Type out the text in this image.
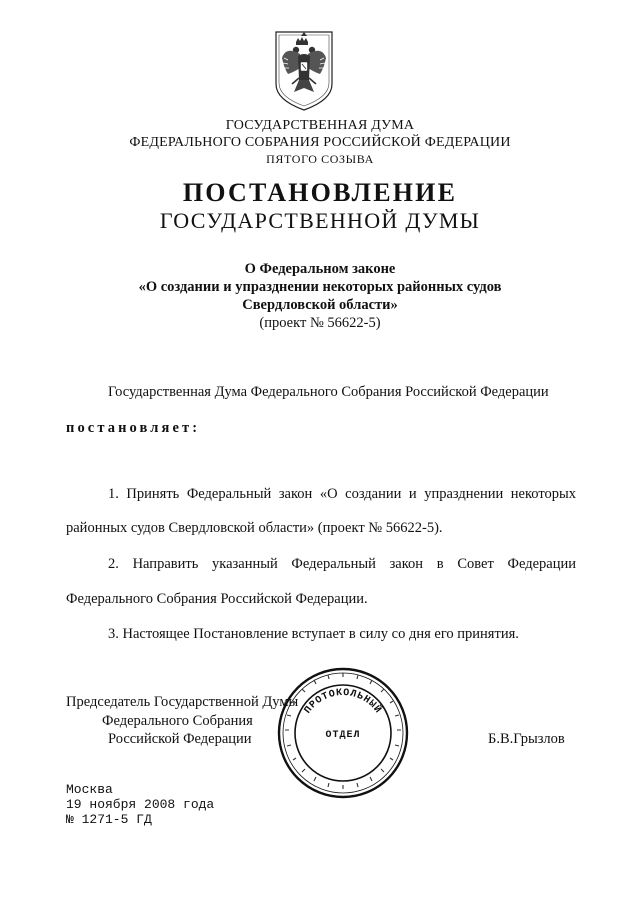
ГОСУДАРСТВЕННАЯ ДУМА
ФЕДЕРАЛЬНОГО СОБРАНИЯ РОССИЙСКОЙ ФЕДЕРАЦИИ
ПЯТОГО СОЗЫВА
ПОСТАНОВЛЕНИЕ
ГОСУДАРСТВЕННОЙ ДУМЫ
О Федеральном законе
«О создании и упразднении некоторых районных судов
Свердловской области»
(проект № 56622-5)
Государственная Дума Федерального Собрания Российской Федерации
постановляет:
1. Принять Федеральный закон «О создании и упразднении некоторых
районных судов Свердловской области» (проект № 56622-5).
2. Направить указанный Федеральный закон в Совет Федерации
Федерального Собрания Российской Федерации.
3. Настоящее Постановление вступает в силу со дня его принятия.
Председатель Государственной Думы
Федерального Собрания
Российской Федерации	Б.В.Грызлов
ПРОТОКОЛЬНЫЙ
ОТДЕЛ
Москва
19 ноября 2008 года
№ 1271-5 ГД
